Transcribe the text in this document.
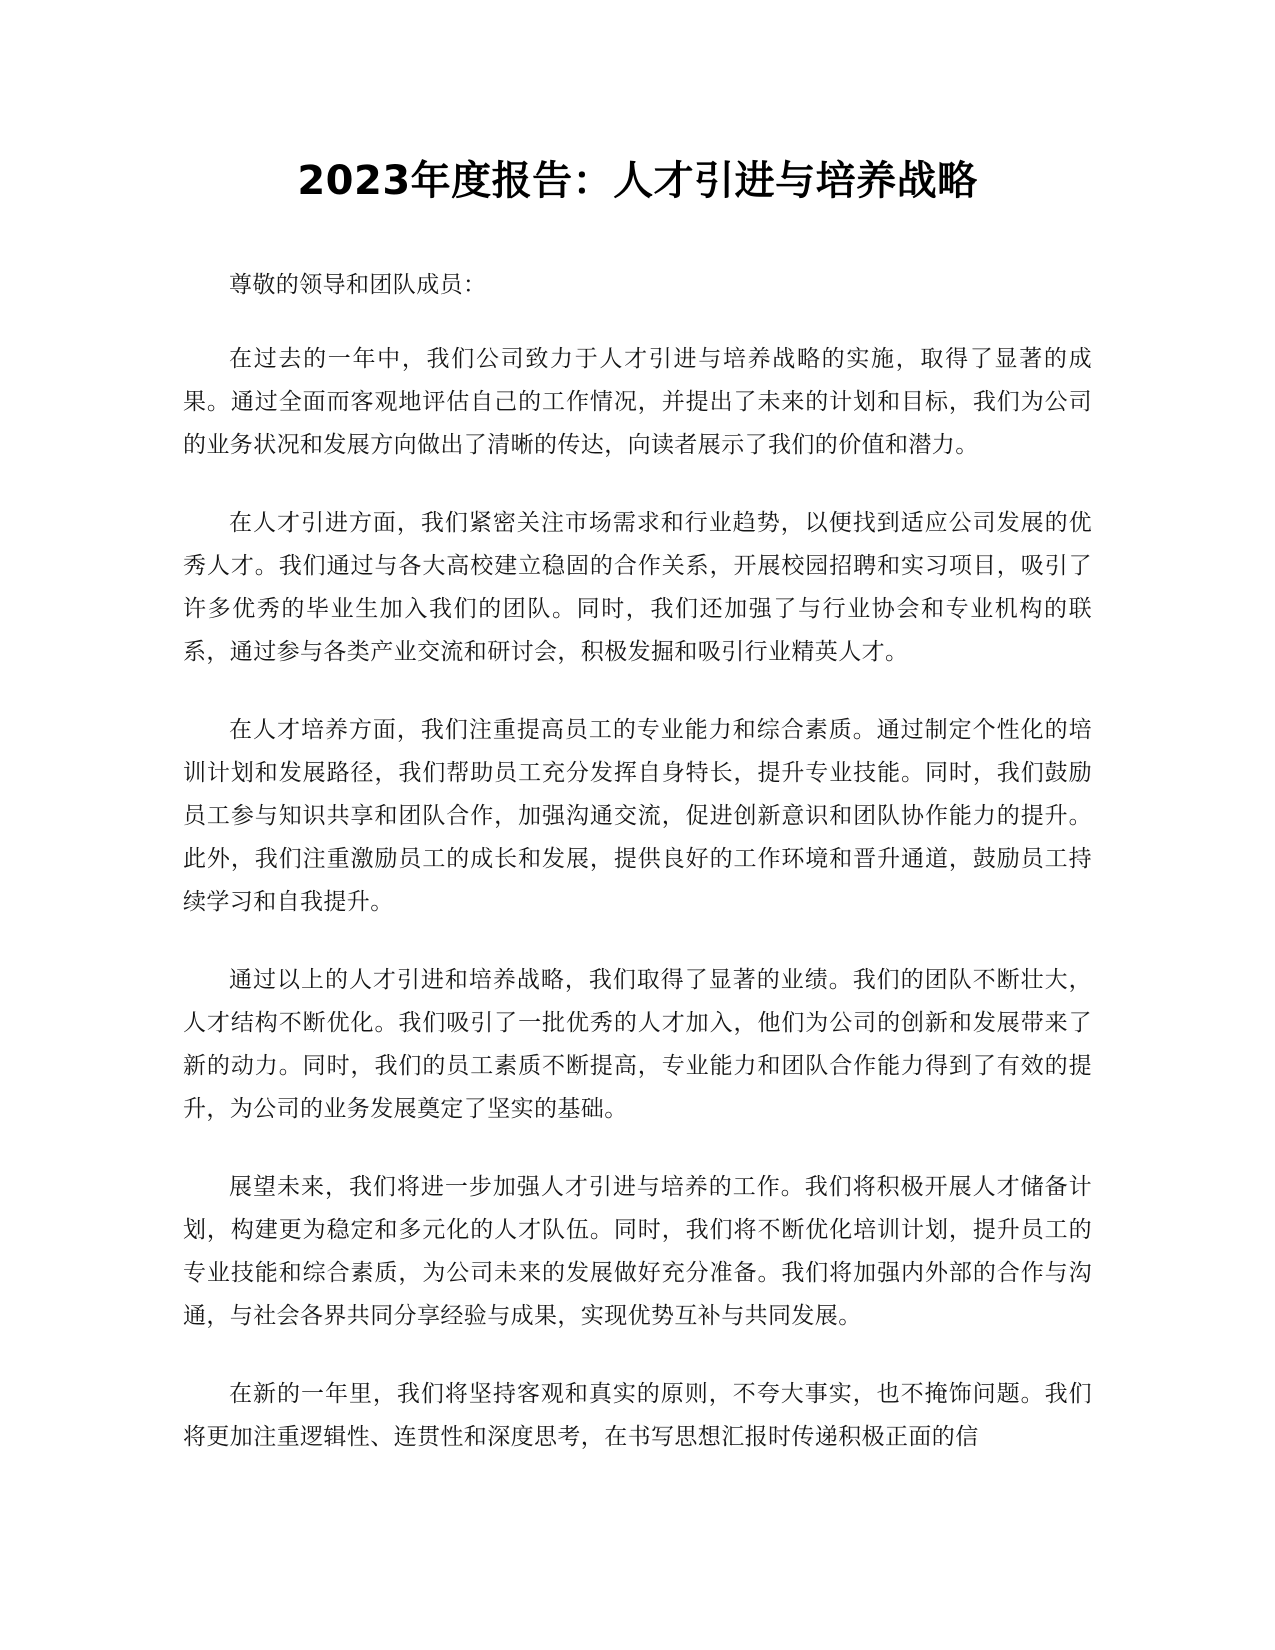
2023年度报告：人才引进与培养战略

尊敬的领导和团队成员：

在过去的一年中，我们公司致力于人才引进与培养战略的实施，取得了显著的成果。通过全面而客观地评估自己的工作情况，并提出了未来的计划和目标，我们为公司的业务状况和发展方向做出了清晰的传达，向读者展示了我们的价值和潜力。

在人才引进方面，我们紧密关注市场需求和行业趋势，以便找到适应公司发展的优秀人才。我们通过与各大高校建立稳固的合作关系，开展校园招聘和实习项目，吸引了许多优秀的毕业生加入我们的团队。同时，我们还加强了与行业协会和专业机构的联系，通过参与各类产业交流和研讨会，积极发掘和吸引行业精英人才。

在人才培养方面，我们注重提高员工的专业能力和综合素质。通过制定个性化的培训计划和发展路径，我们帮助员工充分发挥自身特长，提升专业技能。同时，我们鼓励员工参与知识共享和团队合作，加强沟通交流，促进创新意识和团队协作能力的提升。此外，我们注重激励员工的成长和发展，提供良好的工作环境和晋升通道，鼓励员工持续学习和自我提升。

通过以上的人才引进和培养战略，我们取得了显著的业绩。我们的团队不断壮大，人才结构不断优化。我们吸引了一批优秀的人才加入，他们为公司的创新和发展带来了新的动力。同时，我们的员工素质不断提高，专业能力和团队合作能力得到了有效的提升，为公司的业务发展奠定了坚实的基础。

展望未来，我们将进一步加强人才引进与培养的工作。我们将积极开展人才储备计划，构建更为稳定和多元化的人才队伍。同时，我们将不断优化培训计划，提升员工的专业技能和综合素质，为公司未来的发展做好充分准备。我们将加强内外部的合作与沟通，与社会各界共同分享经验与成果，实现优势互补与共同发展。

在新的一年里，我们将坚持客观和真实的原则，不夸大事实，也不掩饰问题。我们将更加注重逻辑性、连贯性和深度思考，在书写思想汇报时传递积极正面的信
